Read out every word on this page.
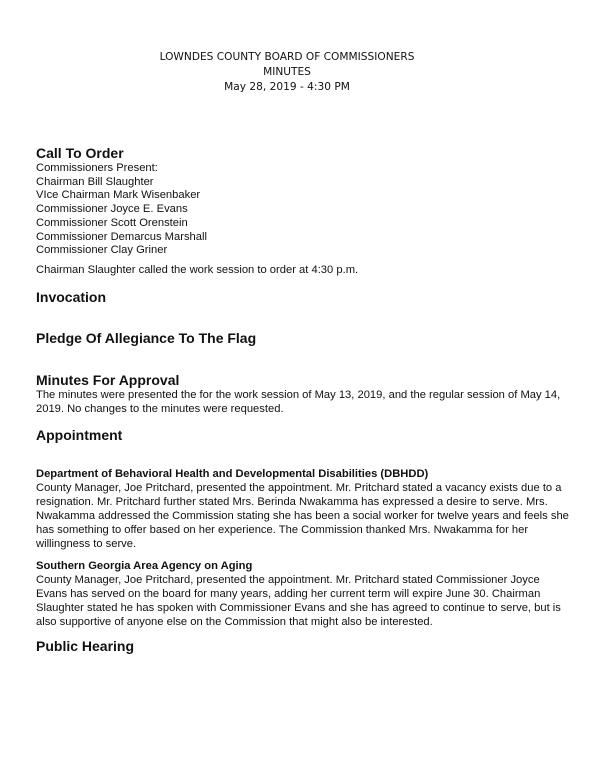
LOWNDES COUNTY BOARD OF COMMISSIONERS
MINUTES
May 28, 2019 - 4:30 PM
Call To Order
Commissioners Present:
Chairman Bill Slaughter
VIce Chairman Mark Wisenbaker
Commissioner Joyce E. Evans
Commissioner Scott Orenstein
Commissioner Demarcus Marshall
Commissioner Clay Griner
Chairman Slaughter called the work session to order at 4:30 p.m.
Invocation
Pledge Of Allegiance To The Flag
Minutes For Approval
The minutes were presented the for the work session of May 13, 2019, and the regular session of May 14,
2019. No changes to the minutes were requested.
Appointment
Department of Behavioral Health and Developmental Disabilities (DBHDD)
County Manager, Joe Pritchard, presented the appointment. Mr. Pritchard stated a vacancy exists due to a
resignation. Mr. Pritchard further stated Mrs. Berinda Nwakamma has expressed a desire to serve. Mrs.
Nwakamma addressed the Commission stating she has been a social worker for twelve years and feels she
has something to offer based on her experience. The Commission thanked Mrs. Nwakamma for her
willingness to serve.
Southern Georgia Area Agency on Aging
County Manager, Joe Pritchard, presented the appointment. Mr. Pritchard stated Commissioner Joyce
Evans has served on the board for many years, adding her current term will expire June 30. Chairman
Slaughter stated he has spoken with Commissioner Evans and she has agreed to continue to serve, but is
also supportive of anyone else on the Commission that might also be interested.
Public Hearing
